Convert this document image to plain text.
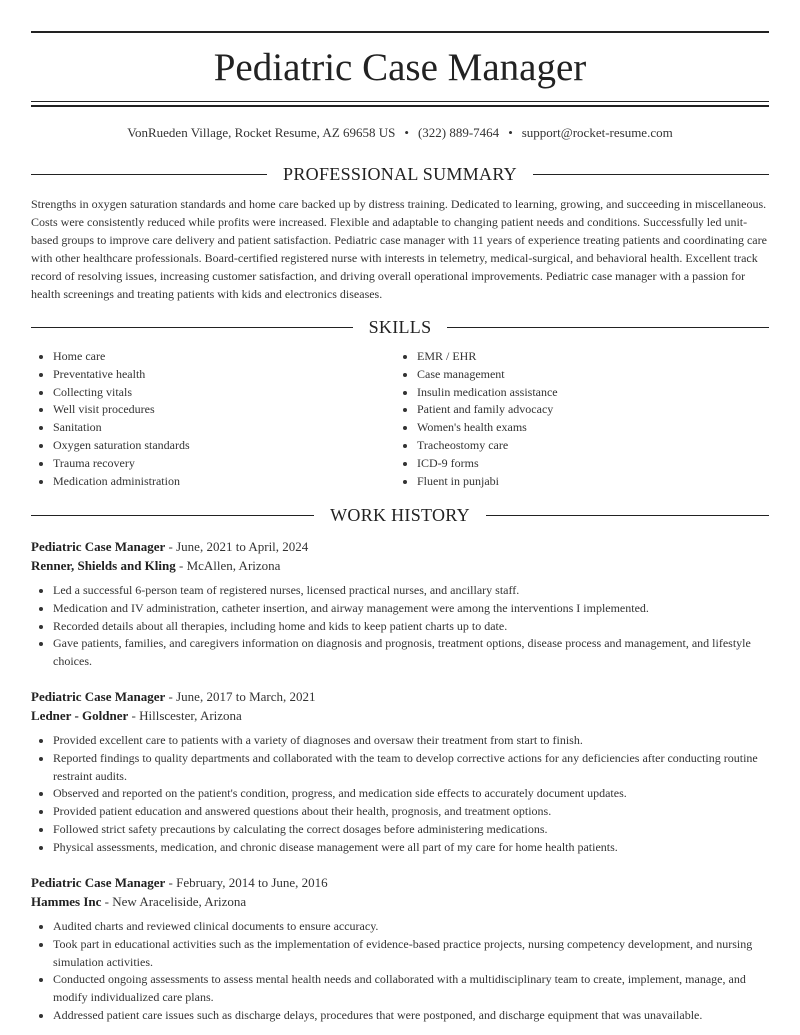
Pediatric Case Manager
VonRueden Village, Rocket Resume, AZ 69658 US • (322) 889-7464 • support@rocket-resume.com
PROFESSIONAL SUMMARY

Strengths in oxygen saturation standards and home care backed up by distress training. Dedicated to learning, growing, and succeeding in miscellaneous. Costs were consistently reduced while profits were increased. Flexible and adaptable to changing patient needs and conditions. Successfully led unit-based groups to improve care delivery and patient satisfaction. Pediatric case manager with 11 years of experience treating patients and coordinating care with other healthcare professionals. Board-certified registered nurse with interests in telemetry, medical-surgical, and behavioral health. Excellent track record of resolving issues, increasing customer satisfaction, and driving overall operational improvements. Pediatric case manager with a passion for health screenings and treating patients with kids and electronics diseases.

SKILLS
• Home care
• Preventative health
• Collecting vitals
• Well visit procedures
• Sanitation
• Oxygen saturation standards
• Trauma recovery
• Medication administration
• EMR / EHR
• Case management
• Insulin medication assistance
• Patient and family advocacy
• Women's health exams
• Tracheostomy care
• ICD-9 forms
• Fluent in punjabi
WORK HISTORY
Pediatric Case Manager - June, 2021 to April, 2024
Renner, Shields and Kling - McAllen, Arizona
• Led a successful 6-person team of registered nurses, licensed practical nurses, and ancillary staff.
• Medication and IV administration, catheter insertion, and airway management were among the interventions I implemented.
• Recorded details about all therapies, including home and kids to keep patient charts up to date.
• Gave patients, families, and caregivers information on diagnosis and prognosis, treatment options, disease process and management, and lifestyle choices.
Pediatric Case Manager - June, 2017 to March, 2021
Ledner - Goldner - Hillscester, Arizona
• Provided excellent care to patients with a variety of diagnoses and oversaw their treatment from start to finish.
• Reported findings to quality departments and collaborated with the team to develop corrective actions for any deficiencies after conducting routine restraint audits.
• Observed and reported on the patient's condition, progress, and medication side effects to accurately document updates.
• Provided patient education and answered questions about their health, prognosis, and treatment options.
• Followed strict safety precautions by calculating the correct dosages before administering medications.
• Physical assessments, medication, and chronic disease management were all part of my care for home health patients.
Pediatric Case Manager - February, 2014 to June, 2016
Hammes Inc - New Araceliside, Arizona
• Audited charts and reviewed clinical documents to ensure accuracy.
• Took part in educational activities such as the implementation of evidence-based practice projects, nursing competency development, and nursing simulation activities.
• Conducted ongoing assessments to assess mental health needs and collaborated with a multidisciplinary team to create, implement, manage, and modify individualized care plans.
• Addressed patient care issues such as discharge delays, procedures that were postponed, and discharge equipment that was unavailable.
